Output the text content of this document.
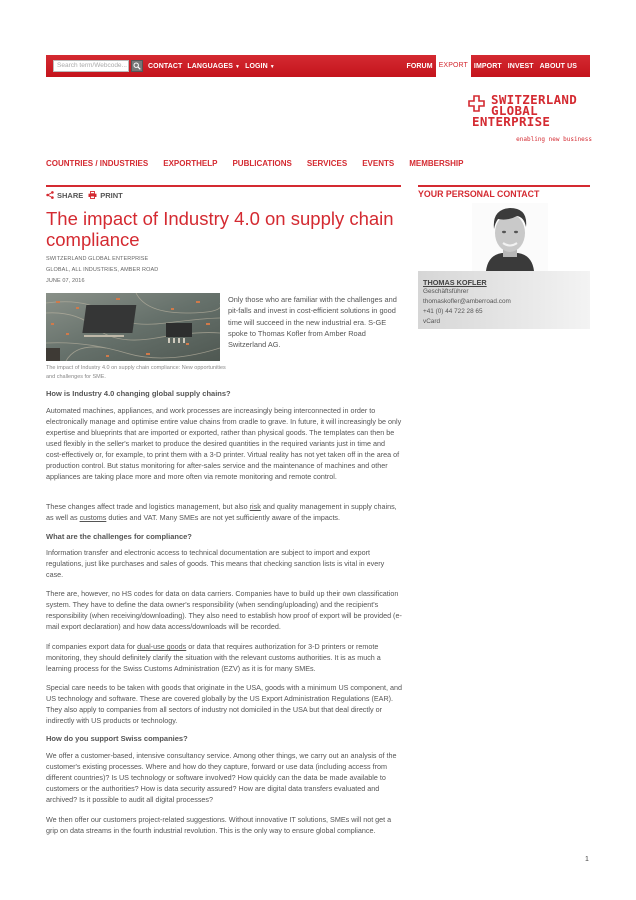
Search term/Webcode...	CONTACT LANGUAGES ▼ LOGIN ▼	FORUM EXPORT IMPORT INVEST ABOUT US
SWITZERLAND
GLOBAL
ENTERPRISE
enabling new business
COUNTRIES / INDUSTRIES EXPORTHELP PUBLICATIONS SERVICES EVENTS MEMBERSHIP
SHARE	PRINT
The impact of Industry 4.0 on supply chain compliance
SWITZERLAND GLOBAL ENTERPRISE
GLOBAL, ALL INDUSTRIES, AMBER ROAD
JUNE 07, 2016
The impact of Industry 4.0 on supply chain compliance: New opportunities and challenges for SME.

Only those who are familiar with the challenges and pit-falls and invest in cost-efficient solutions in good time will succeed in the new industrial era. S-GE spoke to Thomas Kofler from Amber Road Switzerland AG.

How is Industry 4.0 changing global supply chains?

Automated machines, appliances, and work processes are increasingly being interconnected in order to electronically manage and optimise entire value chains from cradle to grave. In future, it will increasingly be only expertise and blueprints that are imported or exported, rather than physical goods. The templates can then be used flexibly in the seller's market to produce the desired quantities in the required variants just in time and cost-effectively or, for example, to print them with a 3-D printer. Virtual reality has not yet taken off in the area of production control. But status monitoring for after-sales service and the maintenance of machines and other appliances are taking place more and more often via remote monitoring and remote control.

These changes affect trade and logistics management, but also risk and quality management in supply chains, as well as customs duties and VAT. Many SMEs are not yet sufficiently aware of the impacts.

What are the challenges for compliance?

Information transfer and electronic access to technical documentation are subject to import and export regulations, just like purchases and sales of goods. This means that checking sanction lists is vital in every case.

There are, however, no HS codes for data on data carriers. Companies have to build up their own classification system. They have to define the data owner's responsibility (when sending/uploading) and the recipient's responsibility (when receiving/downloading). They also need to establish how proof of export will be provided (e-mail export declaration) and how data access/downloads will be recorded.

If companies export data for dual-use goods or data that requires authorization for 3-D printers or remote monitoring, they should definitely clarify the situation with the relevant customs authorities. It is as much a learning process for the Swiss Customs Administration (EZV) as it is for many SMEs.

Special care needs to be taken with goods that originate in the USA, goods with a minimum US component, and US technology and software. These are covered globally by the US Export Administration Regulations (EAR). They also apply to companies from all sectors of industry not domiciled in the USA but that deal directly or indirectly with US products or technology.

How do you support Swiss companies?

We offer a customer-based, intensive consultancy service. Among other things, we carry out an analysis of the customer's existing processes. Where and how do they capture, forward or use data (including access from different countries)? Is US technology or software involved? How quickly can the data be made available to customers or the authorities? How is data security assured? How are digital data transfers evaluated and archived? Is it possible to audit all digital processes?

We then offer our customers project-related suggestions. Without innovative IT solutions, SMEs will not get a grip on data streams in the fourth industrial revolution. This is the only way to ensure global compliance.

YOUR PERSONAL CONTACT
THOMAS KOFLER
Geschäftsführer
thomaskofler@amberroad.com
+41 (0) 44 722 28 65
vCard
1
